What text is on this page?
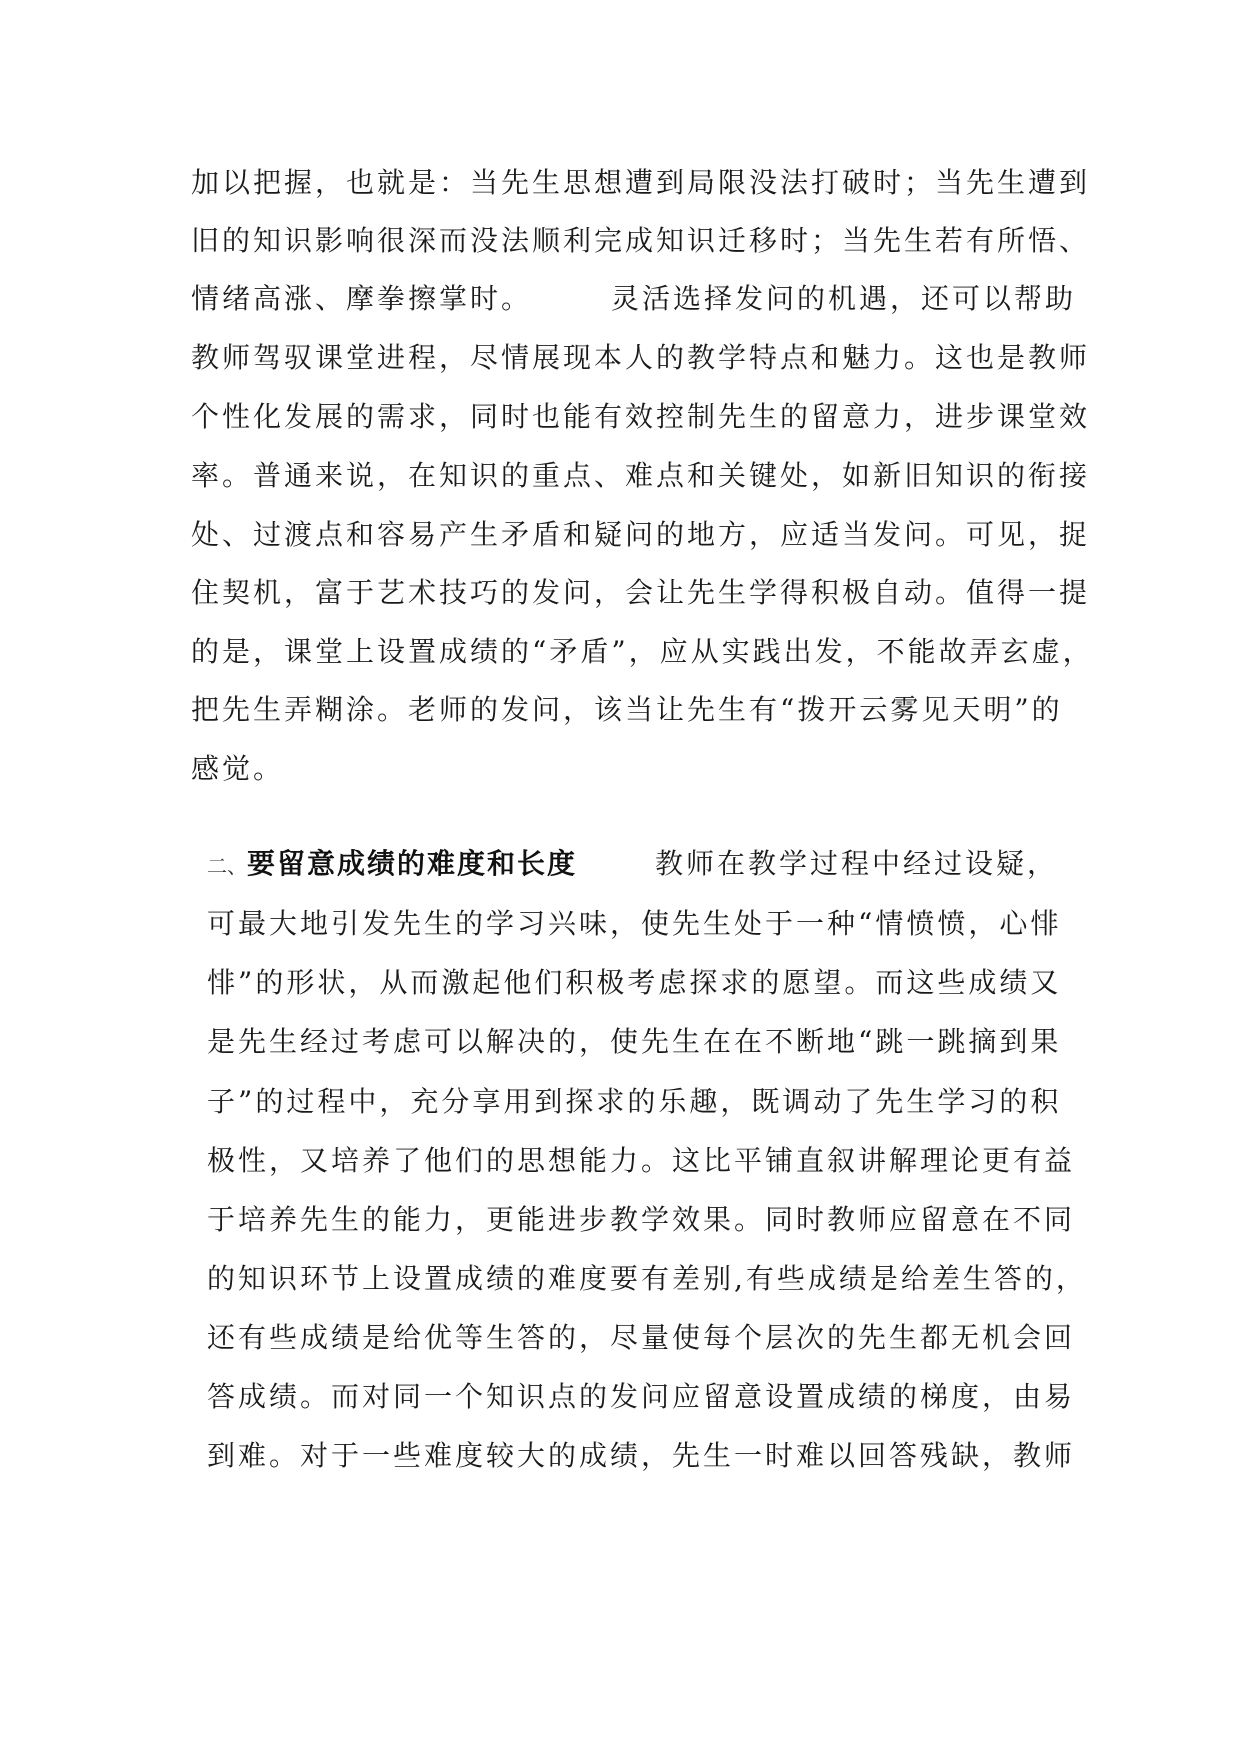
加以把握，也就是：当先生思想遭到局限没法打破时；当先生遭到
旧的知识影响很深而没法顺利完成知识迁移时；当先生若有所悟、
情绪高涨、摩拳擦掌时。　　　灵活选择发问的机遇，还可以帮助
教师驾驭课堂进程，尽情展现本人的教学特点和魅力。这也是教师
个性化发展的需求，同时也能有效控制先生的留意力，进步课堂效
率。普通来说，在知识的重点、难点和关键处，如新旧知识的衔接
处、过渡点和容易产生矛盾和疑问的地方，应适当发问。可见，捉
住契机，富于艺术技巧的发问，会让先生学得积极自动。值得一提
的是，课堂上设置成绩的“矛盾”，应从实践出发，不能故弄玄虚，
把先生弄糊涂。老师的发问，该当让先生有“拨开云雾见天明”的
感觉。
二、要留意成绩的难度和长度	教师在教学过程中经过设疑，
可最大地引发先生的学习兴味，使先生处于一种“情愤愤，心悱
悱”的形状，从而激起他们积极考虑探求的愿望。而这些成绩又
是先生经过考虑可以解决的，使先生在在不断地“跳一跳摘到果
子”的过程中，充分享用到探求的乐趣，既调动了先生学习的积
极性，又培养了他们的思想能力。这比平铺直叙讲解理论更有益
于培养先生的能力，更能进步教学效果。同时教师应留意在不同
的知识环节上设置成绩的难度要有差别,有些成绩是给差生答的，
还有些成绩是给优等生答的，尽量使每个层次的先生都无机会回
答成绩。而对同一个知识点的发问应留意设置成绩的梯度，由易
到难。对于一些难度较大的成绩，先生一时难以回答残缺，教师
